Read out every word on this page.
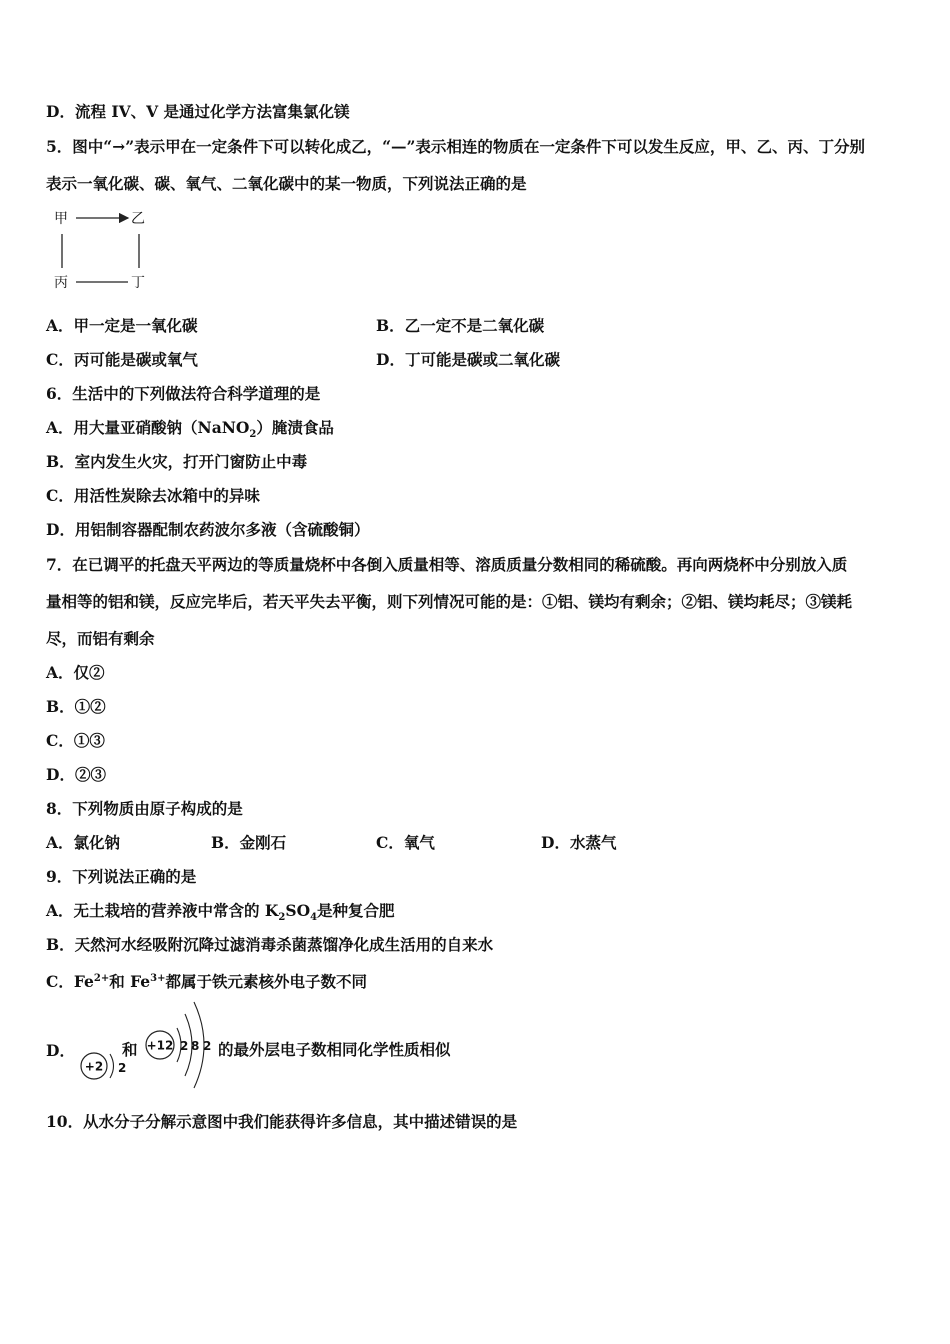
D．流程 IV、V 是通过化学方法富集氯化镁
5．图中“→”表示甲在一定条件下可以转化成乙，“—”表示相连的物质在一定条件下可以发生反应，甲、乙、丙、丁分别
表示一氧化碳、碳、氧气、二氧化碳中的某一物质，下列说法正确的是
甲	乙
丙	丁
A．甲一定是一氧化碳	B．乙一定不是二氧化碳
C．丙可能是碳或氧气	D．丁可能是碳或二氧化碳
6．生活中的下列做法符合科学道理的是
A．用大量亚硝酸钠（NaNO$_2$）腌渍食品
B．室内发生火灾，打开门窗防止中毒
C．用活性炭除去冰箱中的异味
D．用铝制容器配制农药波尔多液（含硫酸铜）
7．在已调平的托盘天平两边的等质量烧杯中各倒入质量相等、溶质质量分数相同的稀硫酸。再向两烧杯中分别放入质
量相等的铝和镁，反应完毕后，若天平失去平衡，则下列情况可能的是：①铝、镁均有剩余；②铝、镁均耗尽；③镁耗
尽，而铝有剩余
A．仅②
B．①②
C．①③
D．②③
8．下列物质由原子构成的是
A．氯化钠	B．金刚石	C．氧气	D．水蒸气
9．下列说法正确的是
A．无土栽培的营养液中常含的 $K_2SO_4$是种复合肥
B．天然河水经吸附沉降过滤消毒杀菌蒸馏净化成生活用的自来水
C．$Fe^{2+}$和 $Fe^{3+}$都属于铁元素核外电子数不同
D．
+2 2
和 +12 2 8 2 的最外层电子数相同化学性质相似
10．从水分子分解示意图中我们能获得许多信息，其中描述错误的是
